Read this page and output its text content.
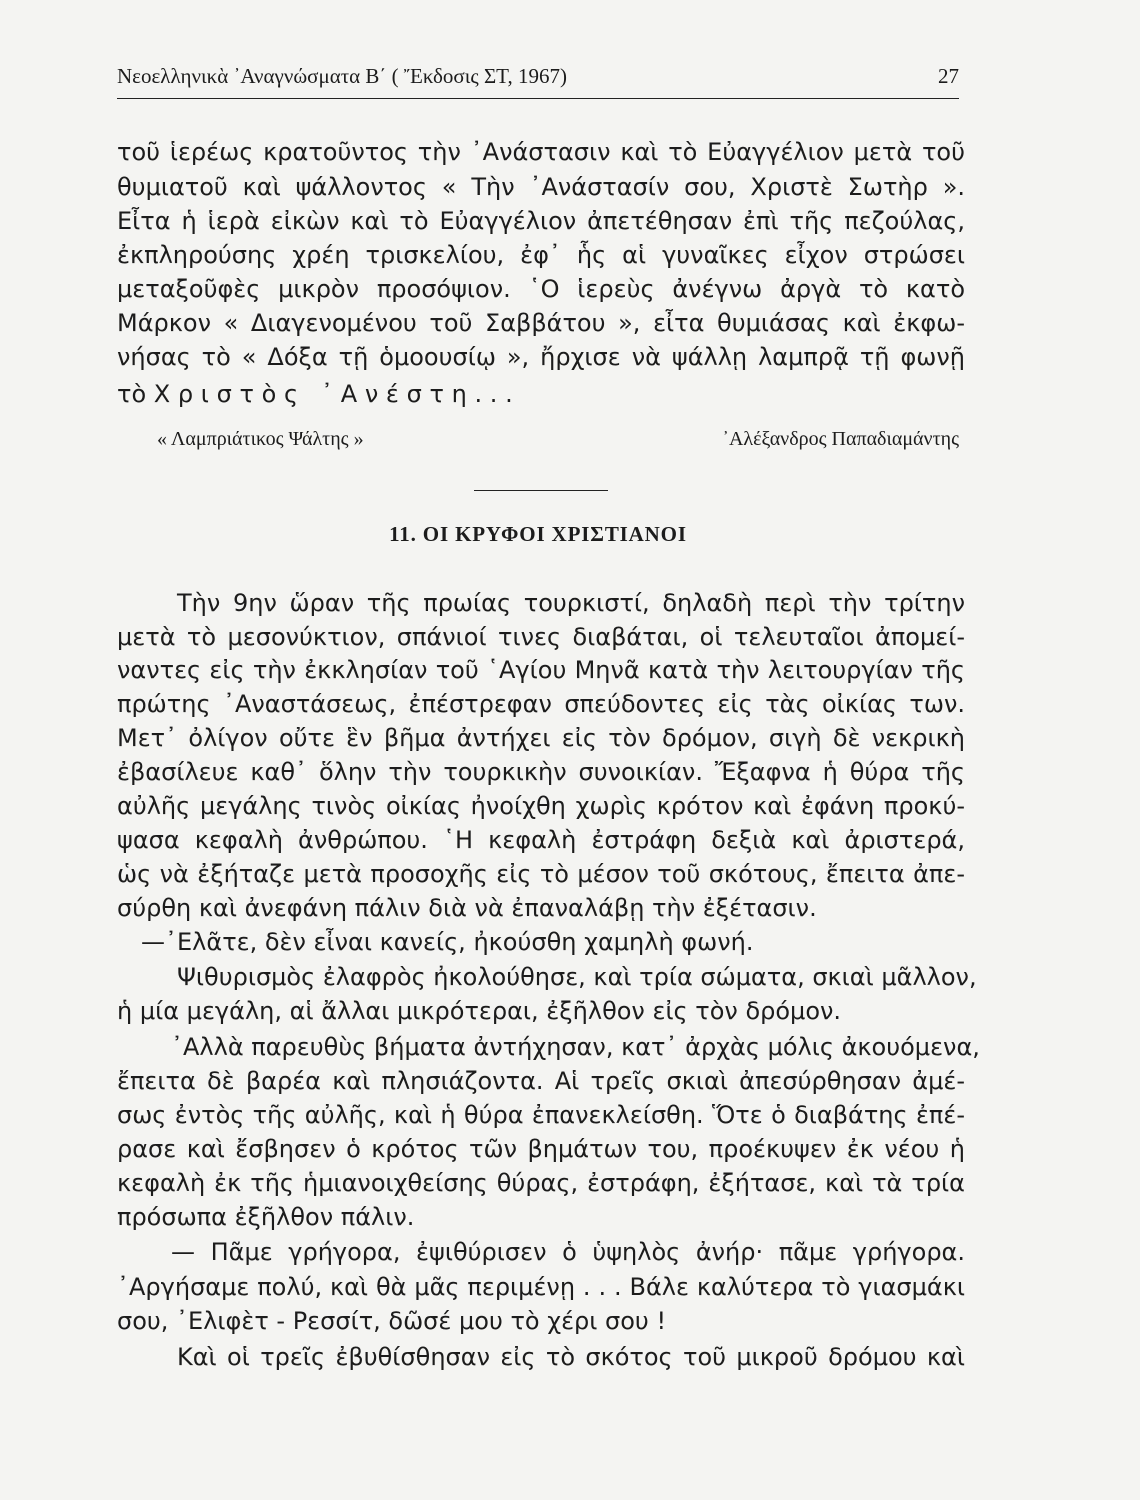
Νεοελληνικὰ ᾿Αναγνώσματα Β΄ ( Ἔκδοσις ΣΤ, 1967)	27
τοῦ ἱερέως κρατοῦντος τὴν ᾿Ανάστασιν καὶ τὸ Εὐαγγέλιον μετὰ τοῦ
θυμιατοῦ καὶ ψάλλοντος « Τὴν ᾿Ανάστασίν σου, Χριστὲ Σωτὴρ ».
Εἶτα ἡ ἱερὰ εἰκὼν καὶ τὸ Εὐαγγέλιον ἀπετέθησαν ἐπὶ τῆς πεζούλας,
ἐκπληρούσης χρέη τρισκελίου, ἐφ᾿ ἧς αἱ γυναῖκες εἶχον στρώσει
μεταξοῦφὲς μικρὸν προσόψιον. ῾Ο ἱερεὺς ἀνέγνω ἀργὰ τὸ κατὸ
Μάρκον « Διαγενομένου τοῦ Σαββάτου », εἶτα θυμιάσας καὶ ἐκφω-
νήσας τὸ « Δόξα τῇ ὁμοουσίῳ », ἤρχισε νὰ ψάλλῃ λαμπρᾷ τῇ φωνῇ
τὸ Χριστὸς ᾿Ανέστη...
« Λαμπριάτικος Ψάλτης »	᾿Αλέξανδρος Παπαδιαμάντης
11. ΟΙ ΚΡΥΦΟΙ ΧΡΙΣΤΙΑΝΟΙ
Τὴν 9ην ὥραν τῆς πρωίας τουρκιστί, δηλαδὴ περὶ τὴν τρίτην
μετὰ τὸ μεσονύκτιον, σπάνιοί τινες διαβάται, οἱ τελευταῖοι ἀπομεί-
ναντες εἰς τὴν ἐκκλησίαν τοῦ ῾Αγίου Μηνᾶ κατὰ τὴν λειτουργίαν τῆς
πρώτης ᾿Αναστάσεως, ἐπέστρεφαν σπεύδοντες εἰς τὰς οἰκίας των.
Μετ᾿ ὀλίγον οὔτε ἓν βῆμα ἀντήχει εἰς τὸν δρόμον, σιγὴ δὲ νεκρικὴ
ἐβασίλευε καθ᾿ ὅλην τὴν τουρκικὴν συνοικίαν. Ἔξαφνα ἡ θύρα τῆς
αὐλῆς μεγάλης τινὸς οἰκίας ἠνοίχθη χωρὶς κρότον καὶ ἐφάνη προκύ-
ψασα κεφαλὴ ἀνθρώπου. ῾Η κεφαλὴ ἐστράφη δεξιὰ καὶ ἀριστερά,
ὡς νὰ ἐξήταζε μετὰ προσοχῆς εἰς τὸ μέσον τοῦ σκότους, ἔπειτα ἀπε-
σύρθη καὶ ἀνεφάνη πάλιν διὰ νὰ ἐπαναλάβῃ τὴν ἐξέτασιν.
—᾿Ελᾶτε, δὲν εἶναι κανείς, ἠκούσθη χαμηλὴ φωνή.
Ψιθυρισμὸς ἐλαφρὸς ἠκολούθησε, καὶ τρία σώματα, σκιαὶ μᾶλλον,
ἡ μία μεγάλη, αἱ ἄλλαι μικρότεραι, ἐξῆλθον εἰς τὸν δρόμον.
᾿Αλλὰ παρευθὺς βήματα ἀντήχησαν, κατ᾿ ἀρχὰς μόλις ἀκουόμενα,
ἔπειτα δὲ βαρέα καὶ πλησιάζοντα. Αἱ τρεῖς σκιαὶ ἀπεσύρθησαν ἀμέ-
σως ἐντὸς τῆς αὐλῆς, καὶ ἡ θύρα ἐπανεκλείσθη. Ὅτε ὁ διαβάτης ἐπέ-
ρασε καὶ ἔσβησεν ὁ κρότος τῶν βημάτων του, προέκυψεν ἐκ νέου ἡ
κεφαλὴ ἐκ τῆς ἡμιανοιχθείσης θύρας, ἐστράφη, ἐξήτασε, καὶ τὰ τρία
πρόσωπα ἐξῆλθον πάλιν.
— Πᾶμε γρήγορα, ἐψιθύρισεν ὁ ὑψηλὸς ἀνήρ· πᾶμε γρήγορα.
᾿Αργήσαμε πολύ, καὶ θὰ μᾶς περιμένῃ . . . Βάλε καλύτερα τὸ γιασμάκι
σου, ᾿Ελιφὲτ - Ρεσσίτ, δῶσέ μου τὸ χέρι σου !
Καὶ οἱ τρεῖς ἐβυθίσθησαν εἰς τὸ σκότος τοῦ μικροῦ δρόμου καὶ
